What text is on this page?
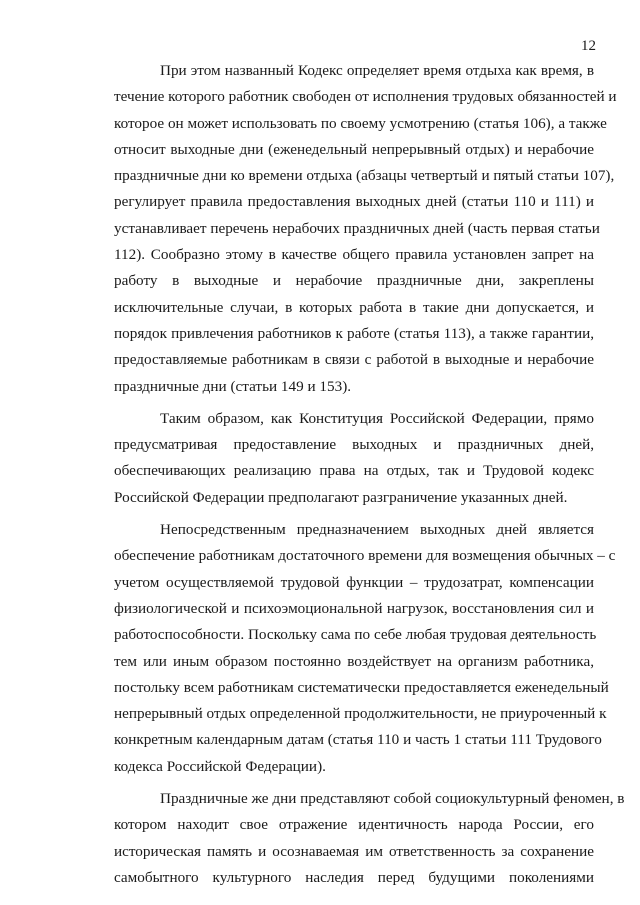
12
При этом названный Кодекс определяет время отдыха как время, в
течение которого работник свободен от исполнения трудовых обязанностей и
которое он может использовать по своему усмотрению (статья 106), а также
относит выходные дни (еженедельный непрерывный отдых) и нерабочие
праздничные дни ко времени отдыха (абзацы четвертый и пятый статьи 107),
регулирует правила предоставления выходных дней (статьи 110 и 111) и
устанавливает перечень нерабочих праздничных дней (часть первая статьи
112). Сообразно этому в качестве общего правила установлен запрет на
работу в выходные и нерабочие праздничные дни, закреплены
исключительные случаи, в которых работа в такие дни допускается, и
порядок привлечения работников к работе (статья 113), а также гарантии,
предоставляемые работникам в связи с работой в выходные и нерабочие
праздничные дни (статьи 149 и 153).
Таким образом, как Конституция Российской Федерации, прямо
предусматривая предоставление выходных и праздничных дней,
обеспечивающих реализацию права на отдых, так и Трудовой кодекс
Российской Федерации предполагают разграничение указанных дней.
Непосредственным предназначением выходных дней является
обеспечение работникам достаточного времени для возмещения обычных – с
учетом осуществляемой трудовой функции – трудозатрат, компенсации
физиологической и психоэмоциональной нагрузок, восстановления сил и
работоспособности. Поскольку сама по себе любая трудовая деятельность
тем или иным образом постоянно воздействует на организм работника,
постольку всем работникам систематически предоставляется еженедельный
непрерывный отдых определенной продолжительности, не приуроченный к
конкретным календарным датам (статья 110 и часть 1 статьи 111 Трудового
кодекса Российской Федерации).
Праздничные же дни представляют собой социокультурный феномен, в
котором находит свое отражение идентичность народа России, его
историческая память и осознаваемая им ответственность за сохранение
самобытного культурного наследия перед будущими поколениями
